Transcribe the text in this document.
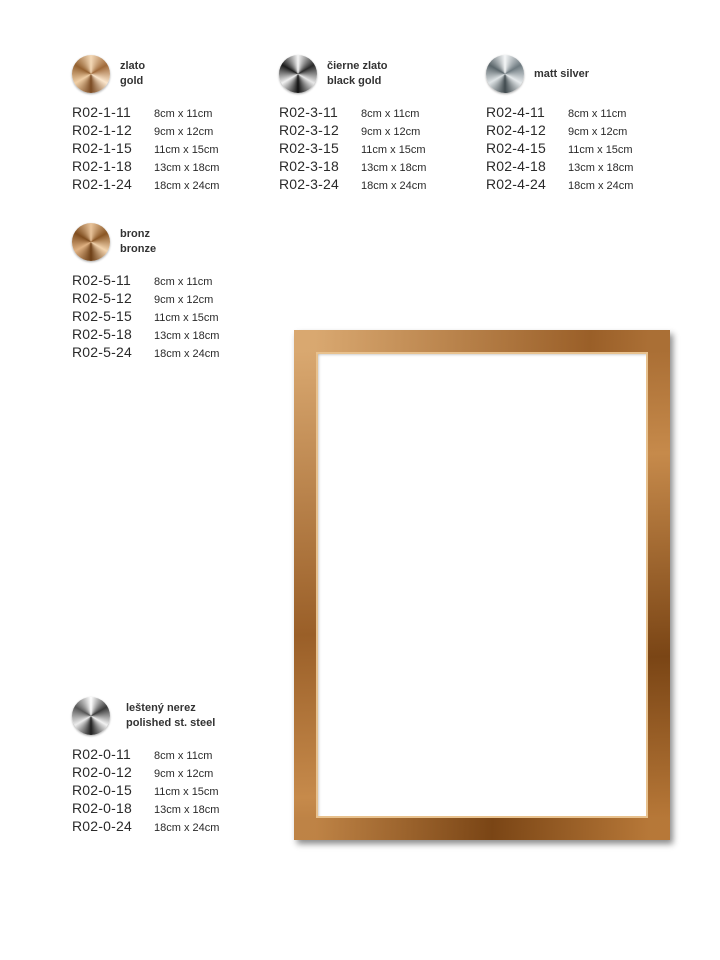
zlato
gold
R02-1-11	8cm x 11cm
R02-1-12	9cm x 12cm
R02-1-15	11cm x 15cm
R02-1-18	13cm x 18cm
R02-1-24	18cm x 24cm
čierne zlato
black gold
R02-3-11	8cm x 11cm
R02-3-12	9cm x 12cm
R02-3-15	11cm x 15cm
R02-3-18	13cm x 18cm
R02-3-24	18cm x 24cm
matt silver
R02-4-11	8cm x 11cm
R02-4-12	9cm x 12cm
R02-4-15	11cm x 15cm
R02-4-18	13cm x 18cm
R02-4-24	18cm x 24cm
bronz
bronze
R02-5-11	8cm x 11cm
R02-5-12	9cm x 12cm
R02-5-15	11cm x 15cm
R02-5-18	13cm x 18cm
R02-5-24	18cm x 24cm
leštený nerez
polished st. steel
R02-0-11	8cm x 11cm
R02-0-12	9cm x 12cm
R02-0-15	11cm x 15cm
R02-0-18	13cm x 18cm
R02-0-24	18cm x 24cm
